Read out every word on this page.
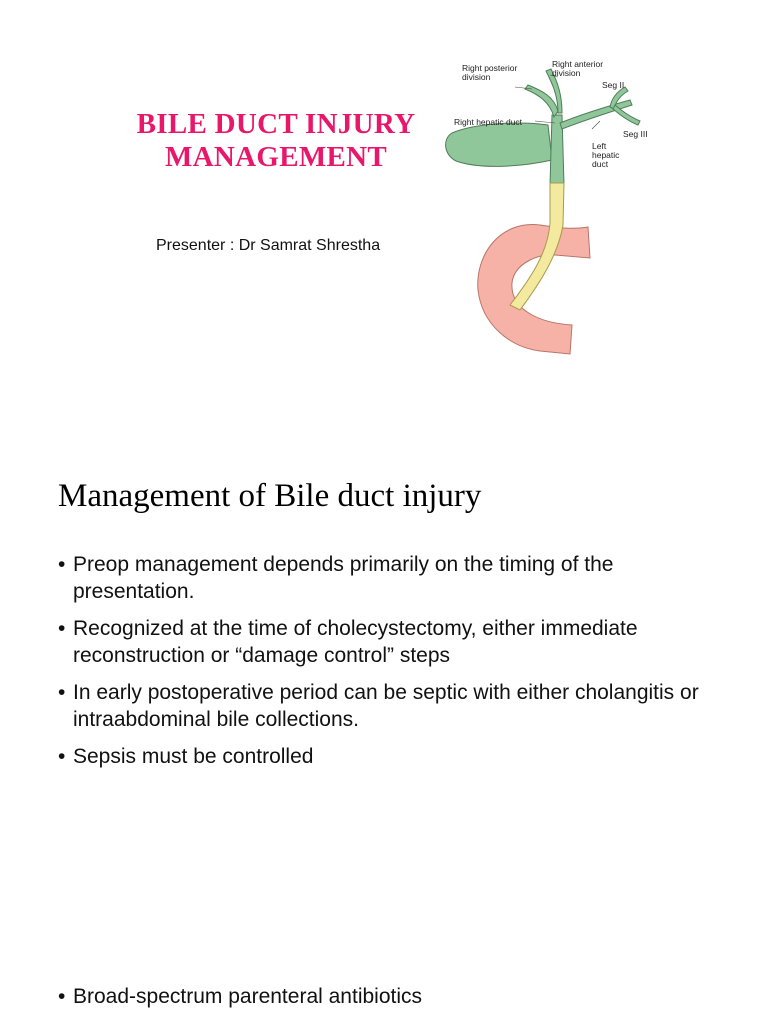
BILE DUCT INJURY
MANAGEMENT
Presenter : Dr Samrat Shrestha
Right posterior
division
Right anterior
division
Seg II
Right hepatic duct
Seg III
Left
hepatic
duct
Management of Bile duct injury
• Preop management depends primarily on the timing of the presentation.
• Recognized at the time of cholecystectomy, either immediate reconstruction or “damage control” steps
• In early postoperative period can be septic with either cholangitis or intraabdominal bile collections.
• Sepsis must be controlled
• Broad-spectrum parenteral antibiotics
